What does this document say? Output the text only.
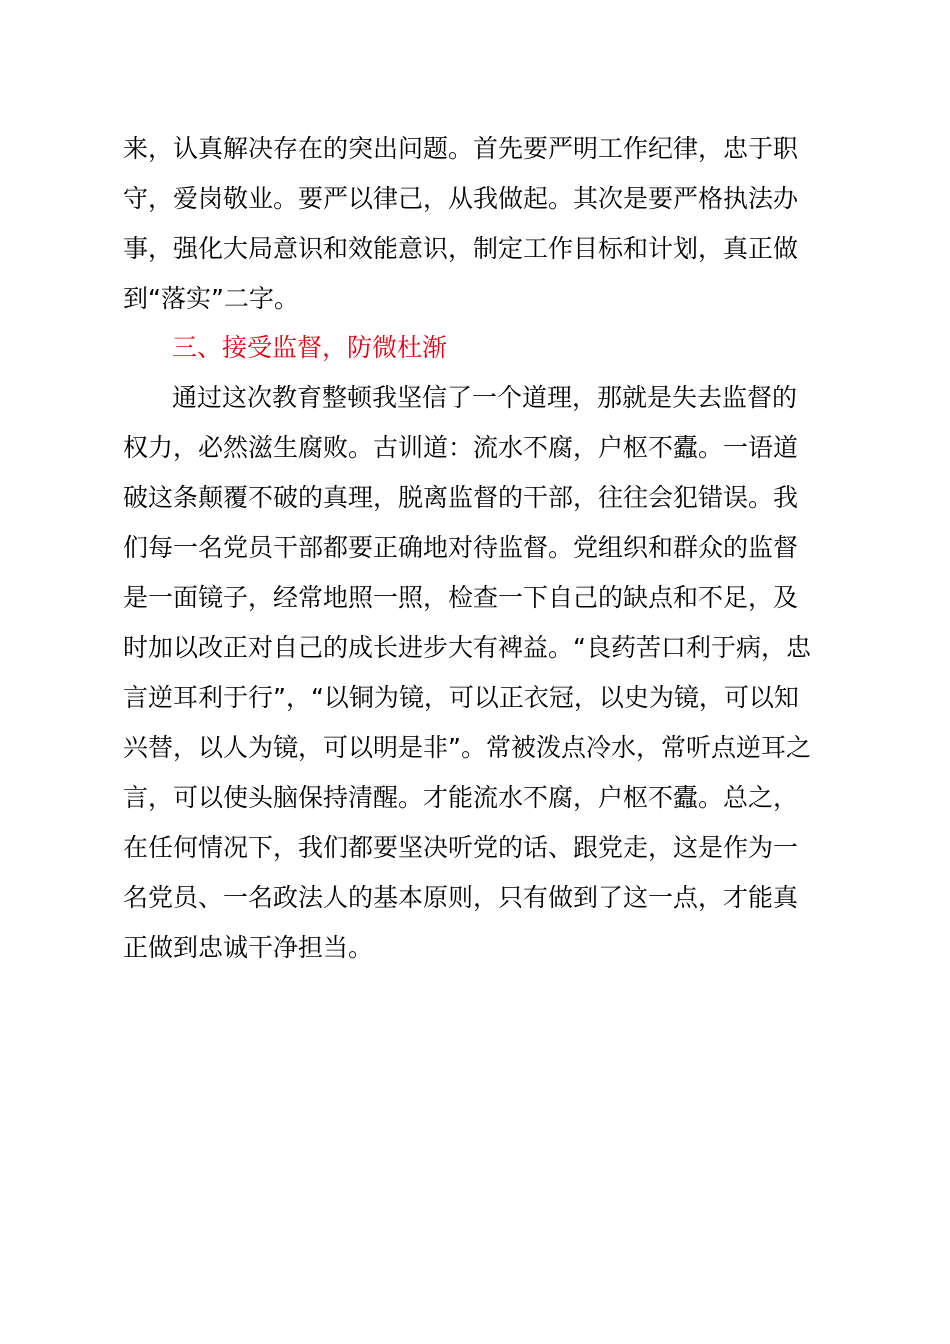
来，认真解决存在的突出问题。首先要严明工作纪律，忠于职
守，爱岗敬业。要严以律己，从我做起。其次是要严格执法办
事，强化大局意识和效能意识，制定工作目标和计划，真正做
到“落实”二字。
三、接受监督，防微杜渐
通过这次教育整顿我坚信了一个道理，那就是失去监督的
权力，必然滋生腐败。古训道：流水不腐，户枢不蠹。一语道
破这条颠覆不破的真理，脱离监督的干部，往往会犯错误。我
们每一名党员干部都要正确地对待监督。党组织和群众的监督
是一面镜子，经常地照一照，检查一下自己的缺点和不足，及
时加以改正对自己的成长进步大有裨益。“良药苦口利于病，忠
言逆耳利于行”，“以铜为镜，可以正衣冠，以史为镜，可以知
兴替，以人为镜，可以明是非”。常被泼点冷水，常听点逆耳之
言，可以使头脑保持清醒。才能流水不腐，户枢不蠹。总之，
在任何情况下，我们都要坚决听党的话、跟党走，这是作为一
名党员、一名政法人的基本原则，只有做到了这一点，才能真
正做到忠诚干净担当。
